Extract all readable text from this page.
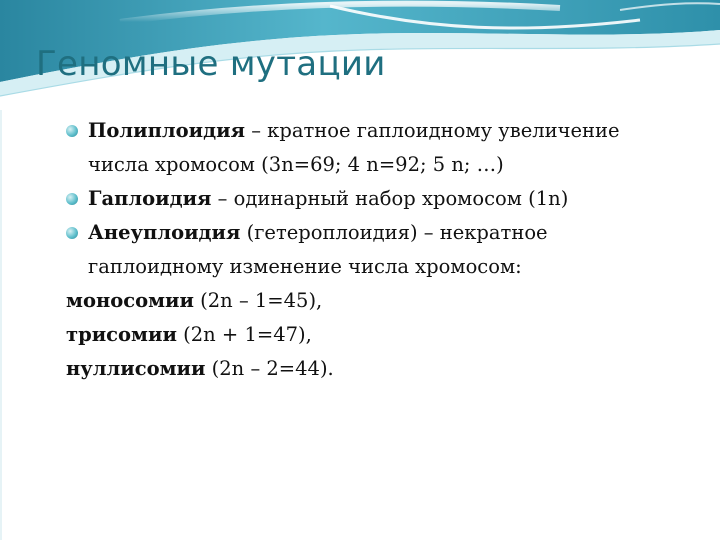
Геномные мутации
Полиплоидия – кратное гаплоидному увеличение
числа хромосом (3n=69; 4 n=92; 5 n; …)
Гаплоидия – одинарный набор хромосом (1n)
Анеуплоидия (гетероплоидия) – некратное
гаплоидному изменение числа хромосом:
моносомии (2n – 1=45),
трисомии (2n + 1=47),
нуллисомии (2n – 2=44).
